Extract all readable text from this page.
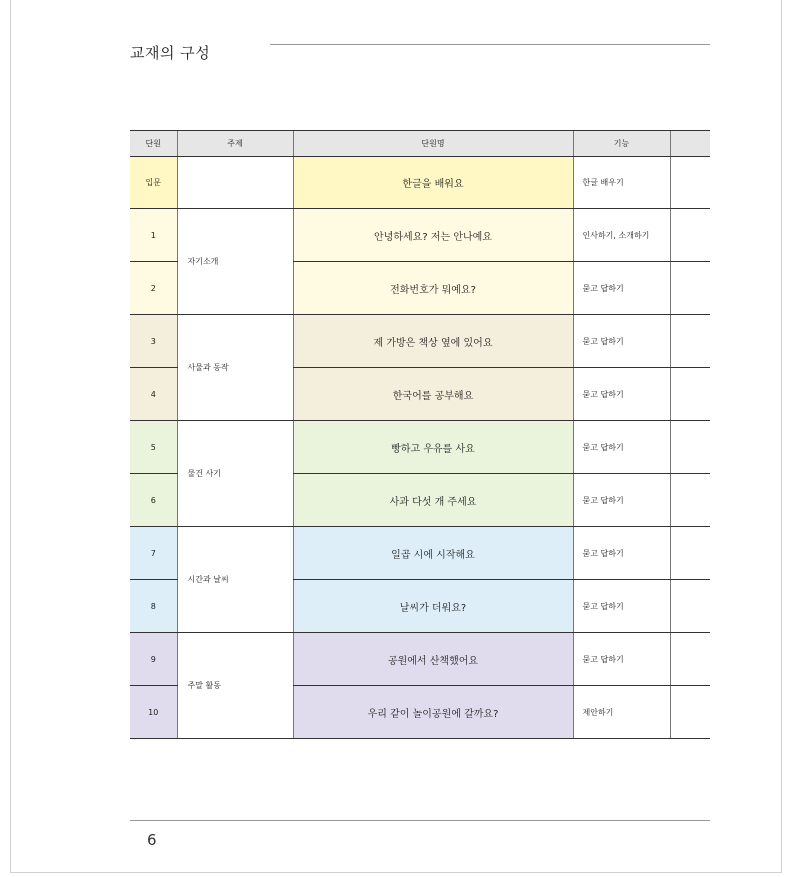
교재의 구성
단원	주제	단원명	기능	
입문		한글을 배워요	한글 배우기	
1	자기소개	안녕하세요? 저는 안나예요	인사하기, 소개하기	
2		전화번호가 뭐예요?	묻고 답하기	
3	사물과 동작	제 가방은 책상 옆에 있어요	묻고 답하기	
4		한국어를 공부해요	묻고 답하기	
5	물건 사기	빵하고 우유를 사요	묻고 답하기	
6		사과 다섯 개 주세요	묻고 답하기	
7	시간과 날씨	일곱 시에 시작해요	묻고 답하기	
8		날씨가 더워요?	묻고 답하기	
9	주말 활동	공원에서 산책했어요	묻고 답하기	
10		우리 같이 놀이공원에 갈까요?	제안하기	
6
